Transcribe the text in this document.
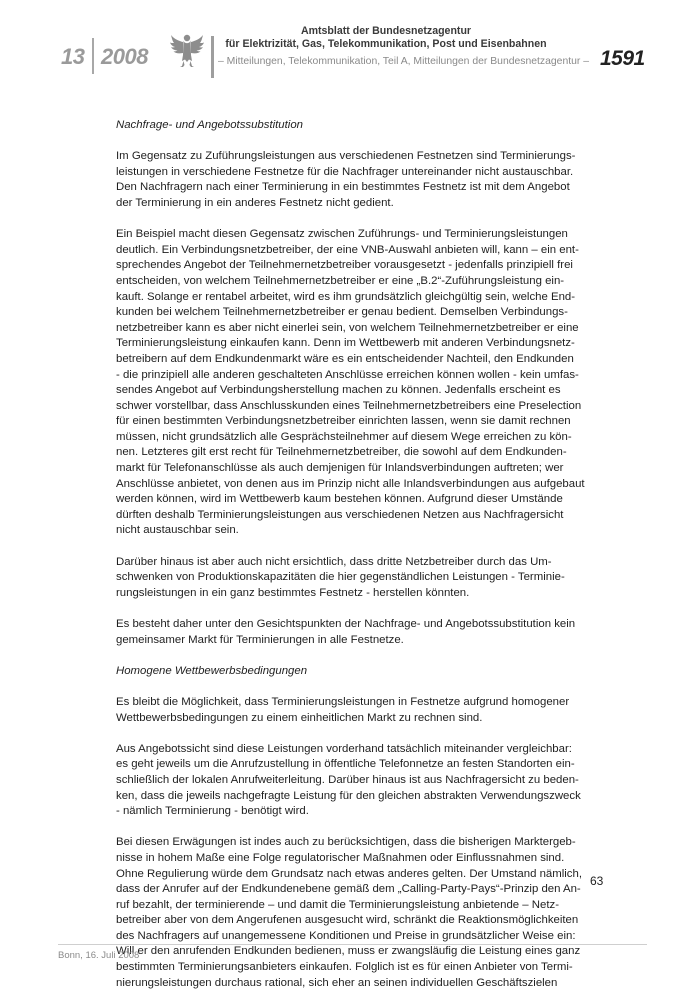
13 2008
Amtsblatt der Bundesnetzagentur
für Elektrizität, Gas, Telekommunikation, Post und Eisenbahnen
– Mitteilungen, Telekommunikation, Teil A, Mitteilungen der Bundesnetzagentur – 1591

Nachfrage- und Angebotssubstitution

Im Gegensatz zu Zuführungsleistungen aus verschiedenen Festnetzen sind Terminierungs-
leistungen in verschiedene Festnetze für die Nachfrager untereinander nicht austauschbar.
Den Nachfragern nach einer Terminierung in ein bestimmtes Festnetz ist mit dem Angebot
der Terminierung in ein anderes Festnetz nicht gedient.

Ein Beispiel macht diesen Gegensatz zwischen Zuführungs- und Terminierungsleistungen
deutlich. Ein Verbindungsnetzbetreiber, der eine VNB-Auswahl anbieten will, kann – ein ent-
sprechendes Angebot der Teilnehmernetzbetreiber vorausgesetzt - jedenfalls prinzipiell frei
entscheiden, von welchem Teilnehmernetzbetreiber er eine „B.2“-Zuführungsleistung ein-
kauft. Solange er rentabel arbeitet, wird es ihm grundsätzlich gleichgültig sein, welche End-
kunden bei welchem Teilnehmernetzbetreiber er genau bedient. Demselben Verbindungs-
netzbetreiber kann es aber nicht einerlei sein, von welchem Teilnehmernetzbetreiber er eine
Terminierungsleistung einkaufen kann. Denn im Wettbewerb mit anderen Verbindungsnetz-
betreibern auf dem Endkundenmarkt wäre es ein entscheidender Nachteil, den Endkunden
- die prinzipiell alle anderen geschalteten Anschlüsse erreichen können wollen - kein umfas-
sendes Angebot auf Verbindungsherstellung machen zu können. Jedenfalls erscheint es
schwer vorstellbar, dass Anschlusskunden eines Teilnehmernetzbetreibers eine Preselection
für einen bestimmten Verbindungsnetzbetreiber einrichten lassen, wenn sie damit rechnen
müssen, nicht grundsätzlich alle Gesprächsteilnehmer auf diesem Wege erreichen zu kön-
nen. Letzteres gilt erst recht für Teilnehmernetzbetreiber, die sowohl auf dem Endkunden-
markt für Telefonanschlüsse als auch demjenigen für Inlandsverbindungen auftreten; wer
Anschlüsse anbietet, von denen aus im Prinzip nicht alle Inlandsverbindungen aus aufgebaut
werden können, wird im Wettbewerb kaum bestehen können. Aufgrund dieser Umstände
dürften deshalb Terminierungsleistungen aus verschiedenen Netzen aus Nachfragersicht
nicht austauschbar sein.

Darüber hinaus ist aber auch nicht ersichtlich, dass dritte Netzbetreiber durch das Um-
schwenken von Produktionskapazitäten die hier gegenständlichen Leistungen - Terminie-
rungsleistungen in ein ganz bestimmtes Festnetz - herstellen könnten.

Es besteht daher unter den Gesichtspunkten der Nachfrage- und Angebotssubstitution kein
gemeinsamer Markt für Terminierungen in alle Festnetze.

Homogene Wettbewerbsbedingungen

Es bleibt die Möglichkeit, dass Terminierungsleistungen in Festnetze aufgrund homogener
Wettbewerbsbedingungen zu einem einheitlichen Markt zu rechnen sind.

Aus Angebotssicht sind diese Leistungen vorderhand tatsächlich miteinander vergleichbar:
es geht jeweils um die Anrufzustellung in öffentliche Telefonnetze an festen Standorten ein-
schließlich der lokalen Anrufweiterleitung. Darüber hinaus ist aus Nachfragersicht zu beden-
ken, dass die jeweils nachgefragte Leistung für den gleichen abstrakten Verwendungszweck
- nämlich Terminierung - benötigt wird.

Bei diesen Erwägungen ist indes auch zu berücksichtigen, dass die bisherigen Marktergeb-
nisse in hohem Maße eine Folge regulatorischer Maßnahmen oder Einflussnahmen sind.
Ohne Regulierung würde dem Grundsatz nach etwas anderes gelten. Der Umstand nämlich,
dass der Anrufer auf der Endkundenebene gemäß dem „Calling-Party-Pays“-Prinzip den An-
ruf bezahlt, der terminierende – und damit die Terminierungsleistung anbietende – Netz-
betreiber aber von dem Angerufenen ausgesucht wird, schränkt die Reaktionsmöglichkeiten
des Nachfragers auf unangemessene Konditionen und Preise in grundsätzlicher Weise ein:
Will er den anrufenden Endkunden bedienen, muss er zwangsläufig die Leistung eines ganz
bestimmten Terminierungsanbieters einkaufen. Folglich ist es für einen Anbieter von Termi-
nierungsleistungen durchaus rational, sich eher an seinen individuellen Geschäftszielen

63
Bonn, 16. Juli 2008
